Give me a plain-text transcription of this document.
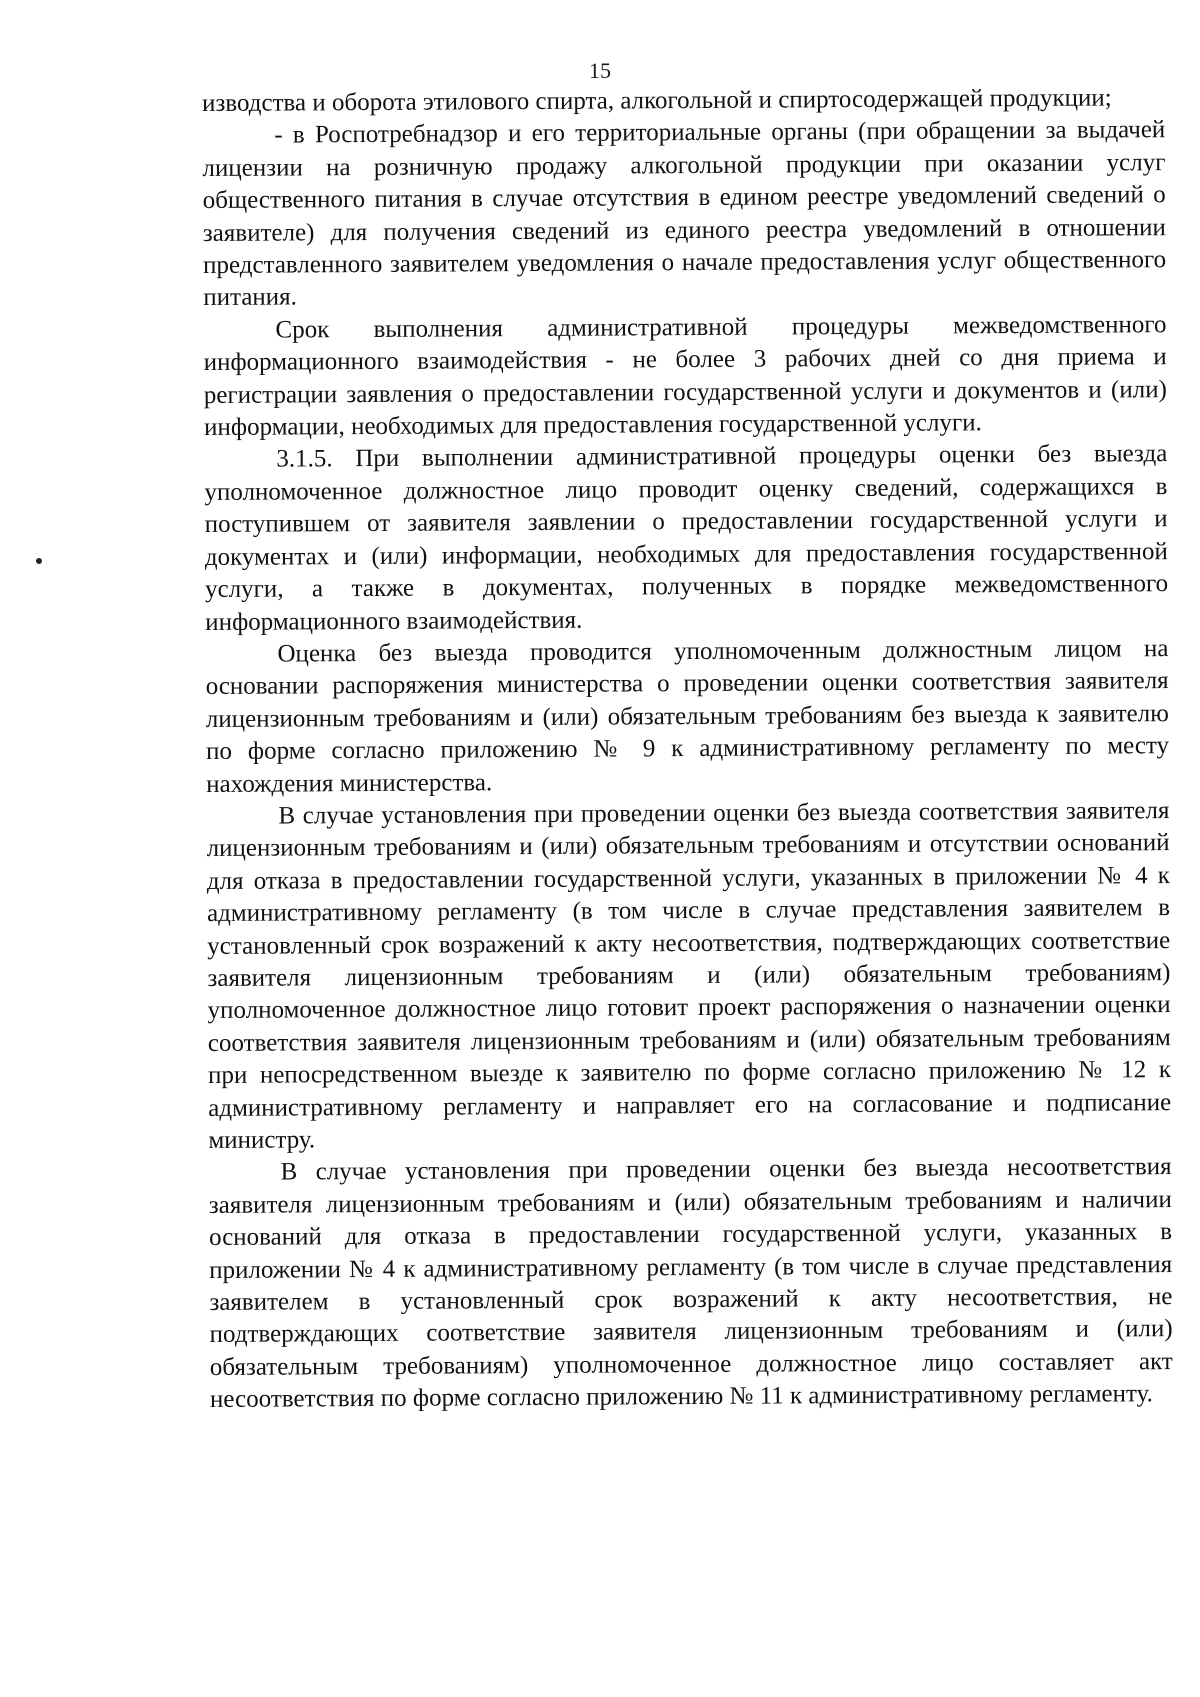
15

изводства и оборота этилового спирта, алкогольной и спиртосодержащей продукции;

- в Роспотребнадзор и его территориальные органы (при обращении за выдачей лицензии на розничную продажу алкогольной продукции при оказании услуг общественного питания в случае отсутствия в едином реестре уведомлений сведений о заявителе) для получения сведений из единого реестра уведомлений в отношении представленного заявителем уведомления о начале предоставления услуг общественного питания.

Срок выполнения административной процедуры межведомственного информационного взаимодействия - не более 3 рабочих дней со дня приема и регистрации заявления о предоставлении государственной услуги и документов и (или) информации, необходимых для предоставления государственной услуги.

3.1.5. При выполнении административной процедуры оценки без выезда уполномоченное должностное лицо проводит оценку сведений, содержащихся в поступившем от заявителя заявлении о предоставлении государственной услуги и документах и (или) информации, необходимых для предоставления государственной услуги, а также в документах, полученных в порядке межведомственного информационного взаимодействия.

Оценка без выезда проводится уполномоченным должностным лицом на основании распоряжения министерства о проведении оценки соответствия заявителя лицензионным требованиям и (или) обязательным требованиям без выезда к заявителю по форме согласно приложению № 9 к административному регламенту по месту нахождения министерства.

В случае установления при проведении оценки без выезда соответствия заявителя лицензионным требованиям и (или) обязательным требованиям и отсутствии оснований для отказа в предоставлении государственной услуги, указанных в приложении № 4 к административному регламенту (в том числе в случае представления заявителем в установленный срок возражений к акту несоответствия, подтверждающих соответствие заявителя лицензионным требованиям и (или) обязательным требованиям) уполномоченное должностное лицо готовит проект распоряжения о назначении оценки соответствия заявителя лицензионным требованиям и (или) обязательным требованиям при непосредственном выезде к заявителю по форме согласно приложению № 12 к административному регламенту и направляет его на согласование и подписание министру.

В случае установления при проведении оценки без выезда несоответствия заявителя лицензионным требованиям и (или) обязательным требованиям и наличии оснований для отказа в предоставлении государственной услуги, указанных в приложении № 4 к административному регламенту (в том числе в случае представления заявителем в установленный срок возражений к акту несоответствия, не подтверждающих соответствие заявителя лицензионным требованиям и (или) обязательным требованиям) уполномоченное должностное лицо составляет акт несоответствия по форме согласно приложению № 11 к административному регламенту.
